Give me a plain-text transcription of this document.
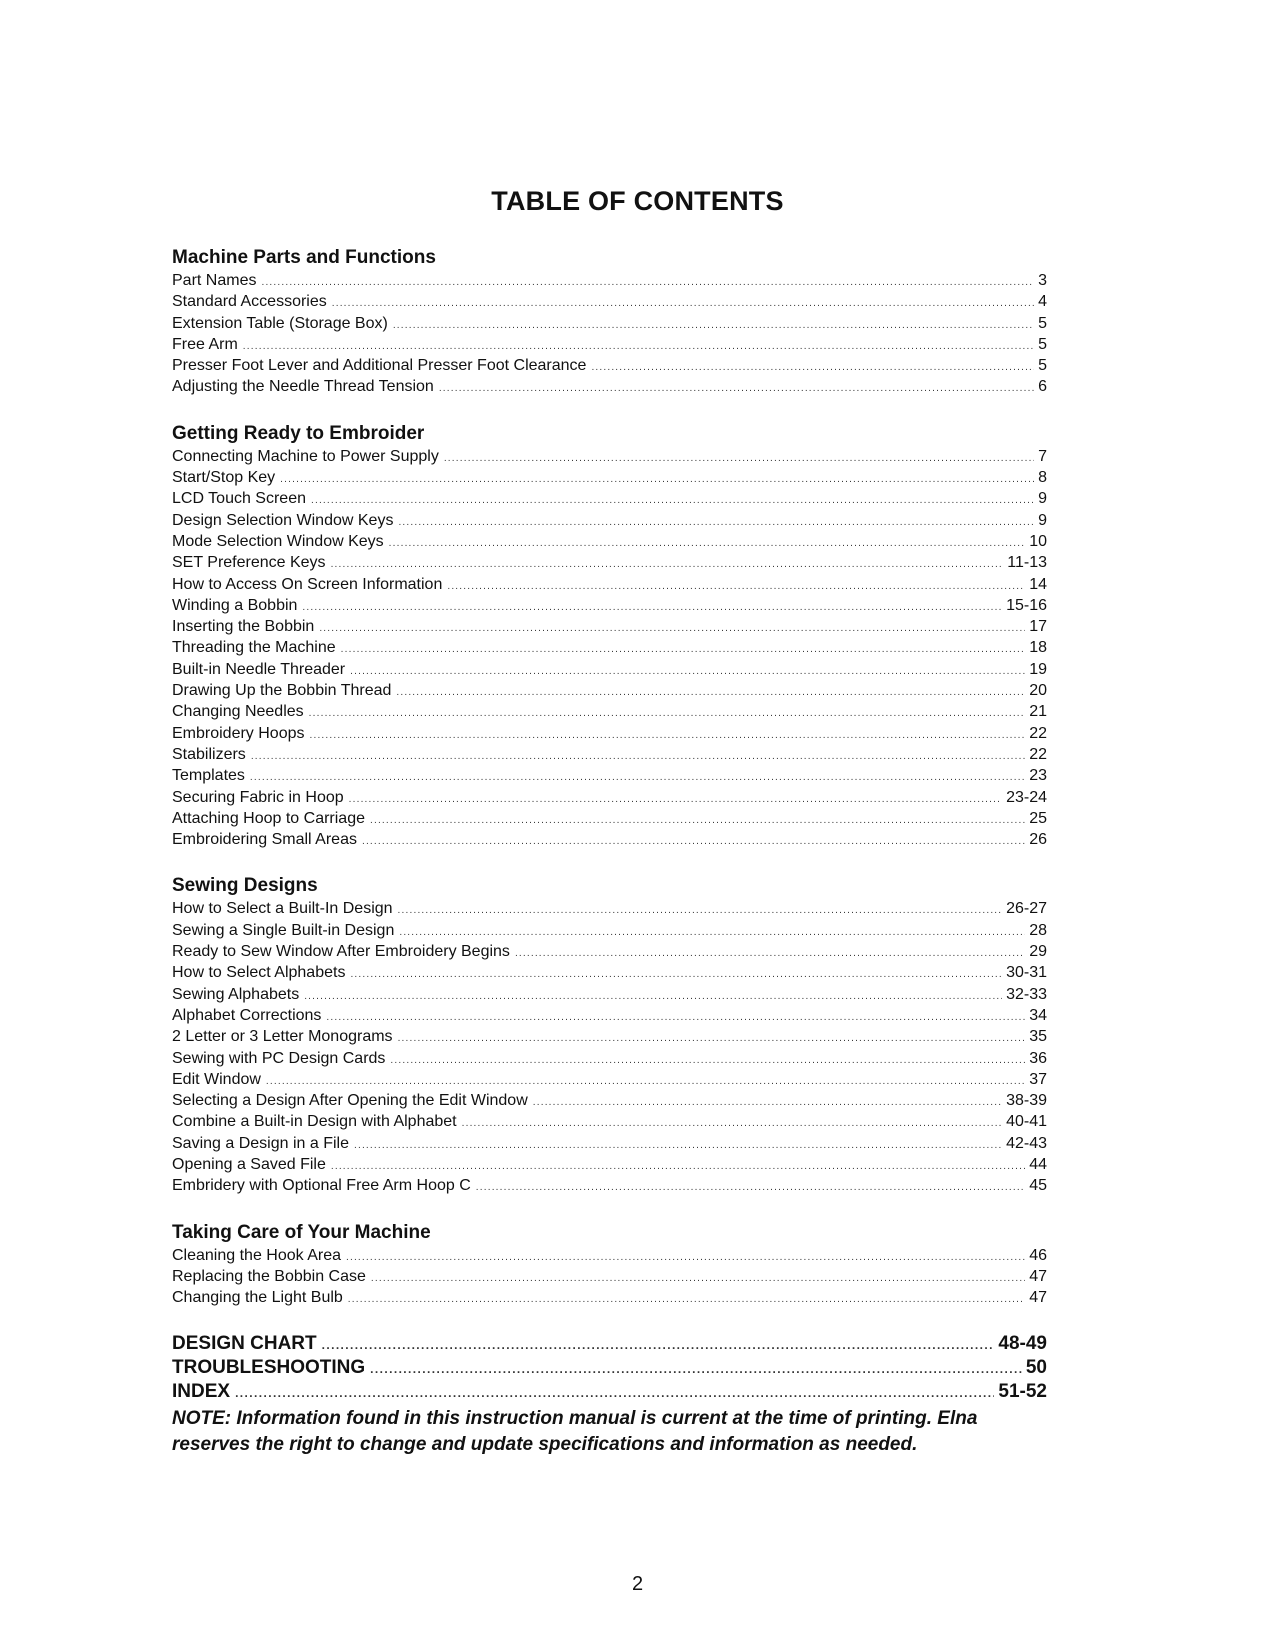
TABLE OF CONTENTS
Machine Parts and Functions
Part Names .....	3
Standard Accessories .....	4
Extension Table (Storage Box) .....	5
Free Arm .....	5
Presser Foot Lever and Additional Presser Foot Clearance .....	5
Adjusting the Needle Thread Tension .....	6
Getting Ready to Embroider
Connecting Machine to Power Supply .....	7
Start/Stop Key .....	8
LCD Touch Screen .....	9
Design Selection Window Keys .....	9
Mode Selection Window Keys .....	10
SET Preference Keys .....	11-13
How to Access On Screen Information .....	14
Winding a Bobbin .....	15-16
Inserting the Bobbin .....	17
Threading the Machine .....	18
Built-in Needle Threader .....	19
Drawing Up the Bobbin Thread .....	20
Changing Needles .....	21
Embroidery Hoops .....	22
Stabilizers .....	22
Templates .....	23
Securing Fabric in Hoop .....	23-24
Attaching Hoop to Carriage .....	25
Embroidering Small Areas .....	26
Sewing Designs
How to Select a Built-In Design .....	26-27
Sewing a Single Built-in Design .....	28
Ready to Sew Window After Embroidery Begins .....	29
How to Select Alphabets .....	30-31
Sewing Alphabets .....	32-33
Alphabet Corrections .....	34
2 Letter or 3 Letter Monograms .....	35
Sewing with PC Design Cards .....	36
Edit Window .....	37
Selecting a Design After Opening the Edit Window .....	38-39
Combine a Built-in Design with Alphabet .....	40-41
Saving a Design in a File .....	42-43
Opening a Saved File .....	44
Embridery with Optional Free Arm Hoop C .....	45
Taking Care of Your Machine
Cleaning the Hook Area .....	46
Replacing the Bobbin Case .....	47
Changing the Light Bulb .....	47
DESIGN CHART .....	48-49
TROUBLESHOOTING .....	50
INDEX .....	51-52

NOTE: Information found in this instruction manual is current at the time of printing. Elna reserves the right to change and update specifications and information as needed.

2
